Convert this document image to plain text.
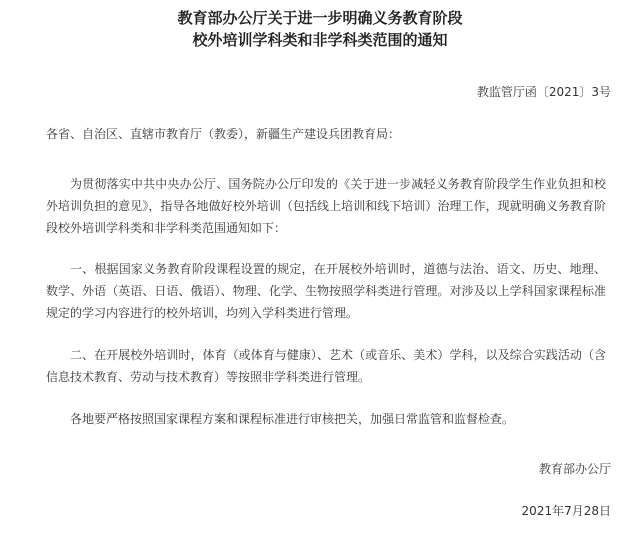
教育部办公厅关于进一步明确义务教育阶段
校外培训学科类和非学科类范围的通知
教监管厅函〔2021〕3号
各省、自治区、直辖市教育厅（教委），新疆生产建设兵团教育局：
为贯彻落实中共中央办公厅、国务院办公厅印发的《关于进一步减轻义务教育阶段学生作业负担和校外培训负担的意见》，指导各地做好校外培训（包括线上培训和线下培训）治理工作，现就明确义务教育阶段校外培训学科类和非学科类范围通知如下：
一、根据国家义务教育阶段课程设置的规定，在开展校外培训时，道德与法治、语文、历史、地理、数学、外语（英语、日语、俄语）、物理、化学、生物按照学科类进行管理。对涉及以上学科国家课程标准规定的学习内容进行的校外培训，均列入学科类进行管理。
二、在开展校外培训时，体育（或体育与健康）、艺术（或音乐、美术）学科，以及综合实践活动（含信息技术教育、劳动与技术教育）等按照非学科类进行管理。
各地要严格按照国家课程方案和课程标准进行审核把关，加强日常监管和监督检查。
教育部办公厅
2021年7月28日
